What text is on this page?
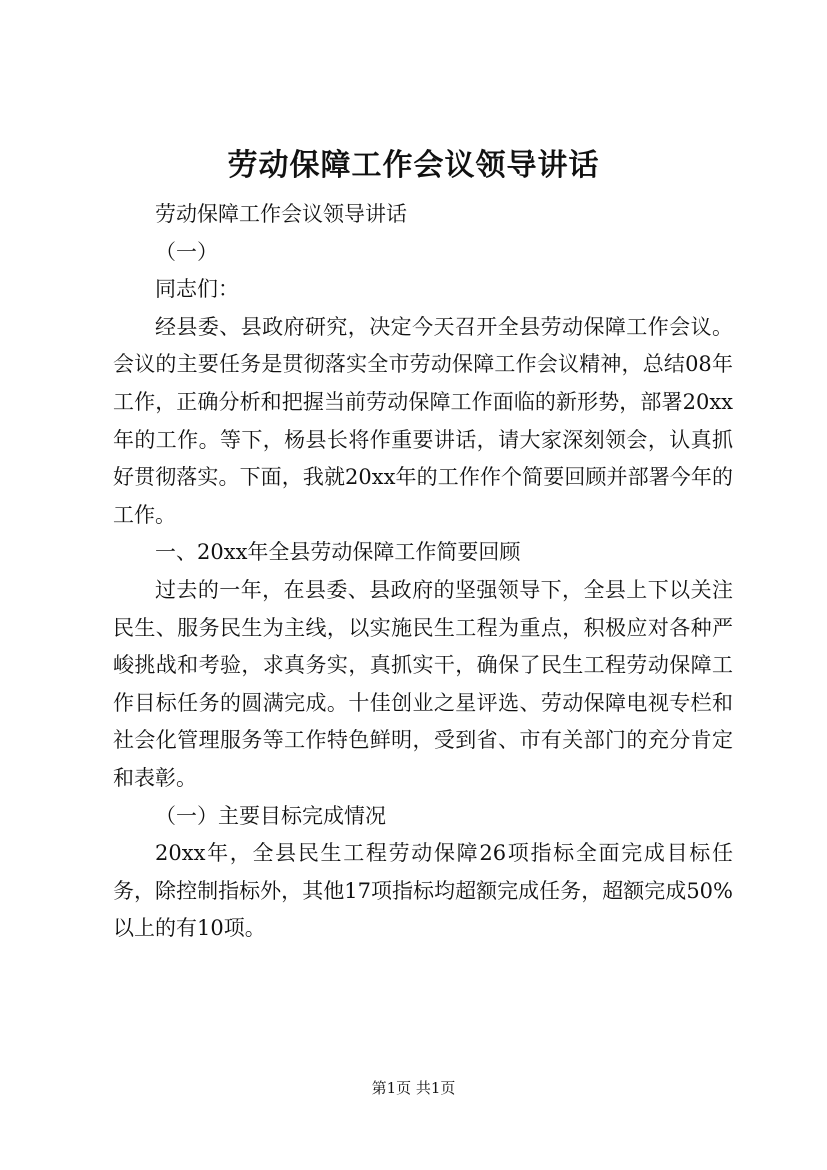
劳动保障工作会议领导讲话

劳动保障工作会议领导讲话

（一）

同志们：

经县委、县政府研究，决定今天召开全县劳动保障工作会议。会议的主要任务是贯彻落实全市劳动保障工作会议精神，总结08年工作，正确分析和把握当前劳动保障工作面临的新形势，部署20xx年的工作。等下，杨县长将作重要讲话，请大家深刻领会，认真抓好贯彻落实。下面，我就20xx年的工作作个简要回顾并部署今年的工作。

一、20xx年全县劳动保障工作简要回顾

过去的一年，在县委、县政府的坚强领导下，全县上下以关注民生、服务民生为主线，以实施民生工程为重点，积极应对各种严峻挑战和考验，求真务实，真抓实干，确保了民生工程劳动保障工作目标任务的圆满完成。十佳创业之星评选、劳动保障电视专栏和社会化管理服务等工作特色鲜明，受到省、市有关部门的充分肯定和表彰。

（一）主要目标完成情况

20xx年，全县民生工程劳动保障26项指标全面完成目标任务，除控制指标外，其他17项指标均超额完成任务，超额完成50%以上的有10项。

第1页 共1页
